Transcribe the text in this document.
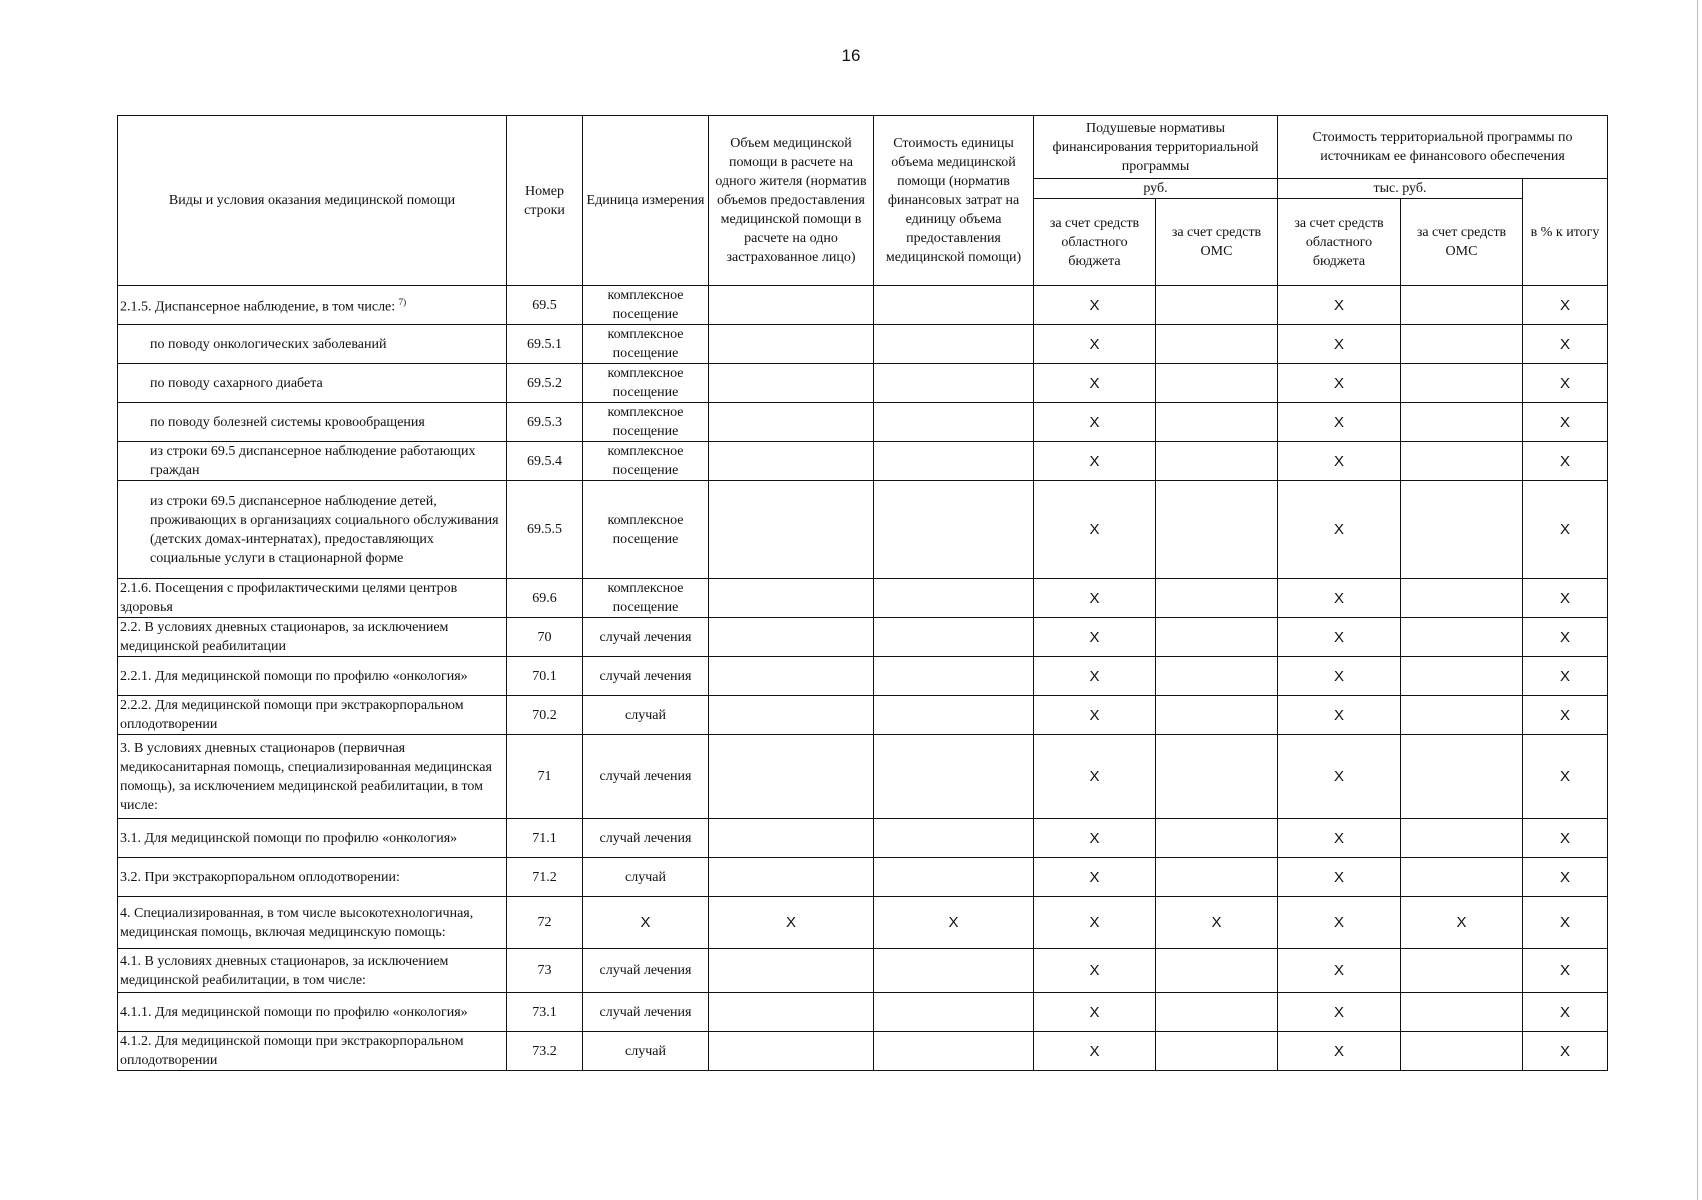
16
Виды и условия оказания медицинской помощи	Номер строки	Единица измерения	Объем медицинской помощи в расчете на одного жителя (норматив объемов предоставления медицинской помощи в расчете на одно застрахованное лицо)	Стоимость единицы объема медицинской помощи (норматив финансовых затрат на единицу объема предоставления медицинской помощи)	Подушевые нормативы финансирования территориальной программы		Стоимость территориальной программы по источникам ее финансового обеспечения		
					руб.		тыс. руб.		в % к итогу
					за счет средств областного бюджета	за счет средств ОМС	за счет средств областного бюджета	за счет средств ОМС	
2.1.5. Диспансерное наблюдение, в том числе: $^{7)}$	69.5	комплексное посещение			X		X		X
по поводу онкологических заболеваний	69.5.1	комплексное посещение			X		X		X
по поводу сахарного диабета	69.5.2	комплексное посещение			X		X		X
по поводу болезней системы кровообращения	69.5.3	комплексное посещение			X		X		X
из строки 69.5 диспансерное наблюдение работающих граждан	69.5.4	комплексное посещение			X		X		X
из строки 69.5 диспансерное наблюдение детей, проживающих в организациях социального обслуживания (детских домах-интернатах), предоставляющих социальные услуги в стационарной форме	69.5.5	комплексное посещение			X		X		X
2.1.6. Посещения с профилактическими целями центров здоровья	69.6	комплексное посещение			X		X		X
2.2. В условиях дневных стационаров, за исключением медицинской реабилитации	70	случай лечения			X		X		X
2.2.1. Для медицинской помощи по профилю «онкология»	70.1	случай лечения			X		X		X
2.2.2. Для медицинской помощи при экстракорпоральном оплодотворении	70.2	случай			X		X		X
3. В условиях дневных стационаров (первичная медикосанитарная помощь, специализированная медицинская помощь), за исключением медицинской реабилитации, в том числе:	71	случай лечения			X		X		X
3.1. Для медицинской помощи по профилю «онкология»	71.1	случай лечения			X		X		X
3.2. При экстракорпоральном оплодотворении:	71.2	случай			X		X		X
4. Специализированная, в том числе высокотехнологичная, медицинская помощь, включая медицинскую помощь:	72	X	X	X	X	X	X	X	X
4.1. В условиях дневных стационаров, за исключением медицинской реабилитации, в том числе:	73	случай лечения			X		X		X
4.1.1. Для медицинской помощи по профилю «онкология»	73.1	случай лечения			X		X		X
4.1.2. Для медицинской помощи при экстракорпоральном оплодотворении	73.2	случай			X		X		X
